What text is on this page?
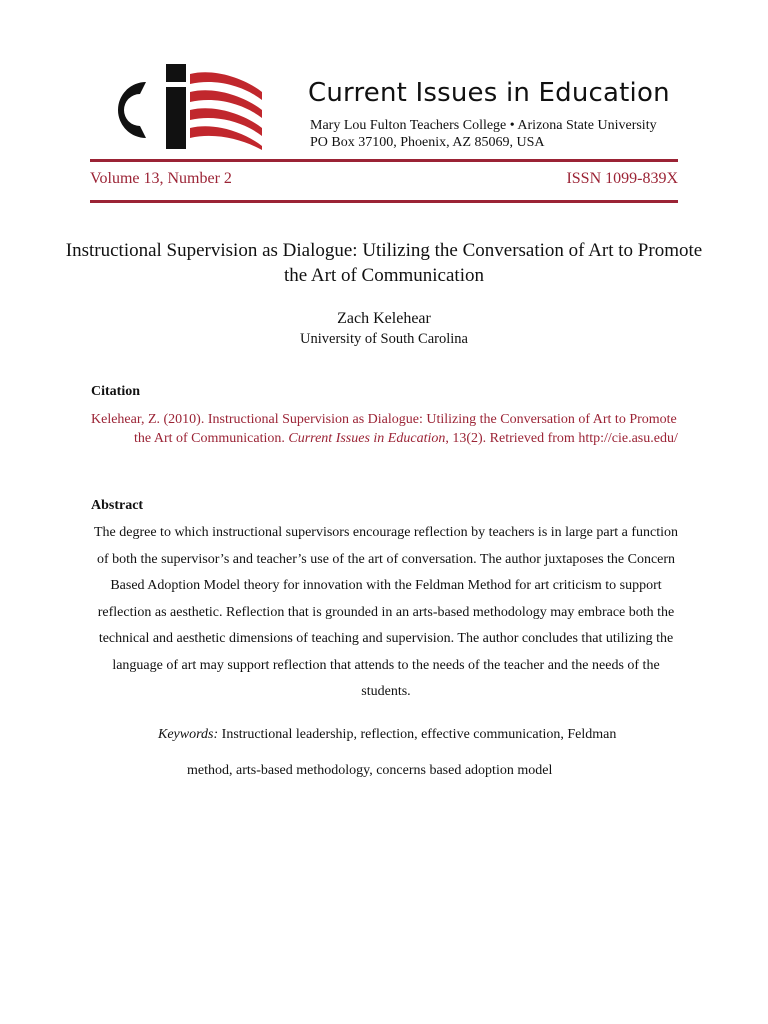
Current Issues in Education
Mary Lou Fulton Teachers College • Arizona State University
PO Box 37100, Phoenix, AZ 85069, USA
Volume 13, Number 2	ISSN 1099-839X
Instructional Supervision as Dialogue: Utilizing the Conversation of Art to Promote the Art of Communication
Zach Kelehear
University of South Carolina
Citation
Kelehear, Z. (2010). Instructional Supervision as Dialogue: Utilizing the Conversation of Art to Promote the Art of Communication. Current Issues in Education, 13(2). Retrieved from http://cie.asu.edu/
Abstract
The degree to which instructional supervisors encourage reflection by teachers is in large part a function of both the supervisor’s and teacher’s use of the art of conversation. The author juxtaposes the Concern Based Adoption Model theory for innovation with the Feldman Method for art criticism to support reflection as aesthetic. Reflection that is grounded in an arts-based methodology may embrace both the technical and aesthetic dimensions of teaching and supervision. The author concludes that utilizing the language of art may support reflection that attends to the needs of the teacher and the needs of the students.
Keywords: Instructional leadership, reflection, effective communication, Feldman
method, arts-based methodology, concerns based adoption model
